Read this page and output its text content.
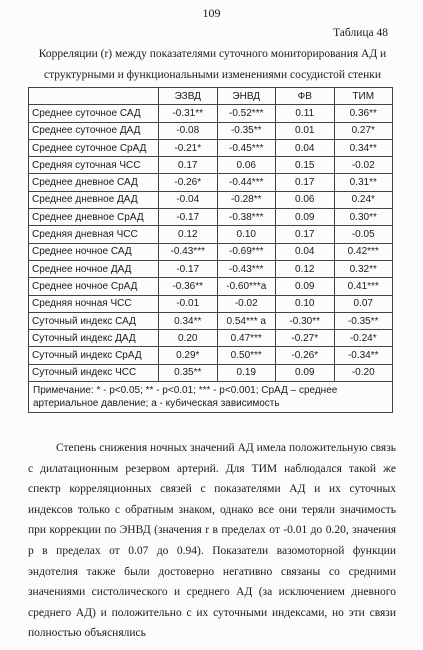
109
Таблица 48
Корреляции (r) между показателями суточного мониторирования АД и структурными и функциональными изменениями сосудистой стенки
	ЭЗВД	ЭНВД	ФВ	ТИМ
Среднее суточное САД	-0.31**	-0.52***	0.11	0.36**
Среднее суточное ДАД	-0.08	-0.35**	0.01	0.27*
Среднее суточное СрАД	-0.21*	-0.45***	0.04	0.34**
Средняя суточная ЧСС	0.17	0.06	0.15	-0.02
Среднее дневное САД	-0.26*	-0.44***	0.17	0.31**
Среднее дневное ДАД	-0.04	-0.28**	0.06	0.24*
Среднее дневное СрАД	-0.17	-0.38***	0.09	0.30**
Средняя дневная ЧСС	0.12	0.10	0.17	-0.05
Среднее ночное САД	-0.43***	-0.69***	0.04	0.42***
Среднее ночное ДАД	-0.17	-0.43***	0.12	0.32**
Среднее ночное СрАД	-0.36**	-0.60***а	0.09	0.41***
Средняя ночная ЧСС	-0.01	-0.02	0.10	0.07
Суточный индекс САД	0.34**	0.54*** а	-0.30**	-0.35**
Суточный индекс ДАД	0.20	0.47***	-0.27*	-0.24*
Суточный индекс СрАД	0.29*	0.50***	-0.26*	-0.34**
Суточный индекс ЧСС	0.35**	0.19	0.09	-0.20
Примечание: * - p<0.05; ** - p<0.01; *** - p<0.001; СрАД – среднее артериальное давление; а - кубическая зависимость				

Степень снижения ночных значений АД имела положительную связь с дилатационным резервом артерий. Для ТИМ наблюдался такой же спектр корреляционных связей с показателями АД и их суточных индексов только с обратным знаком, однако все они теряли значимость при коррекции по ЭНВД (значения r в пределах от -0.01 до 0.20, значения p в пределах от 0.07 до 0.94). Показатели вазомоторной функции эндотелия также были достоверно негативно связаны со средними значениями систолического и среднего АД (за исключением дневного среднего АД) и положительно с их суточными индексами, но эти связи полностью объяснялись
